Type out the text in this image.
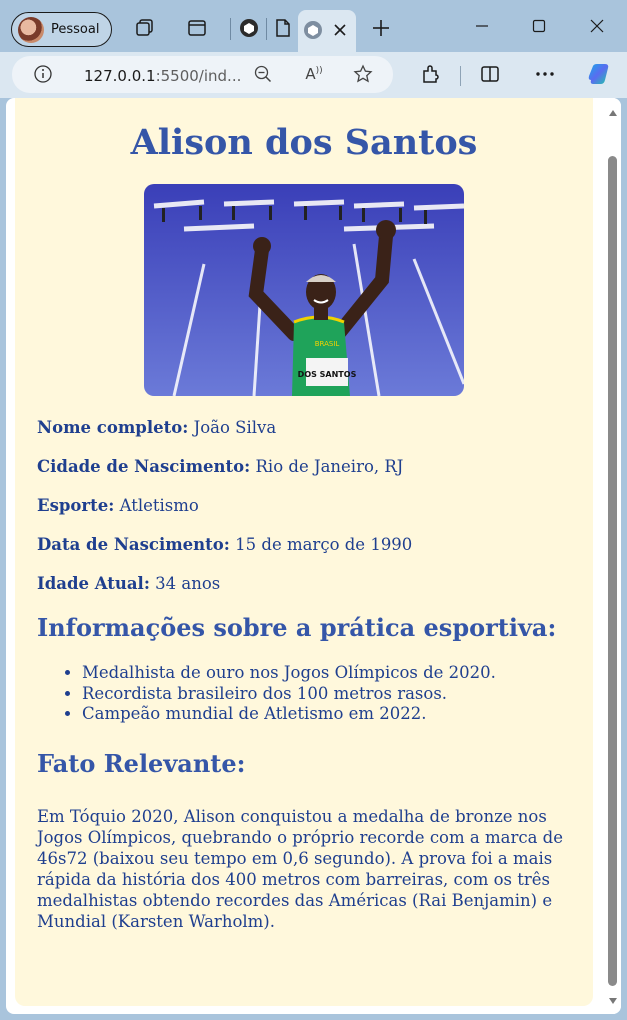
Pessoal
127.0.0.1:5500/ind...	A))
Alison dos Santos
DOS SANTOS
BRASIL

Nome completo: João Silva

Cidade de Nascimento: Rio de Janeiro, RJ

Esporte: Atletismo

Data de Nascimento: 15 de março de 1990

Idade Atual: 34 anos

Informações sobre a prática esportiva:
• Medalhista de ouro nos Jogos Olímpicos de 2020.
• Recordista brasileiro dos 100 metros rasos.
• Campeão mundial de Atletismo em 2022.
Fato Relevante:

Em Tóquio 2020, Alison conquistou a medalha de bronze nos Jogos Olímpicos, quebrando o próprio recorde com a marca de 46s72 (baixou seu tempo em 0,6 segundo). A prova foi a mais rápida da história dos 400 metros com barreiras, com os três medalhistas obtendo recordes das Américas (Rai Benjamin) e Mundial (Karsten Warholm).
